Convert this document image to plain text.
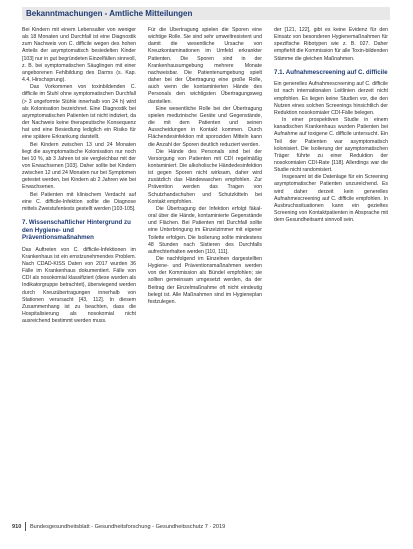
Bekanntmachungen - Amtliche Mitteilungen

Bei Kindern mit einem Lebensalter von weniger als 18 Monaten und Durchfall ist eine Diagnostik zum Nachweis von C. difficile wegen des hohen Anteils der asymptomatisch besiedelten Kinder [103] nur in gut begründeten Einzelfällen sinnvoll, z. B. bei symptomatischen Säuglingen mit einer angeborenen Fehlbildung des Darms (s. Kap. 4.4, Hirschsprung).

Das Vorkommen von toxinbildenden C. difficile im Stuhl ohne symptomatischen Durchfall (> 3 ungeformte Stühle innerhalb von 24 h) wird als Kolonisation bezeichnet. Eine Diagnostik bei asymptomatischen Patienten ist nicht indiziert, da der Nachweis keine therapeutische Konsequenz hat und eine Besiedlung lediglich ein Risiko für eine spätere Erkrankung darstellt.

Bei Kindern zwischen 13 und 24 Monaten liegt die asymptomatische Kolonisation nur noch bei 10 %, ab 3 Jahren ist sie vergleichbar mit der von Erwachsenen [103]. Daher sollte bei Kindern zwischen 12 und 24 Monaten nur bei Symptomen getestet werden, bei Kindern ab 2 Jahren wie bei Erwachsenen.

Bei Patienten mit klinischem Verdacht auf eine C. difficile-Infektion sollte die Diagnose mittels Zweistufentests gestellt werden [103-105].

7. Wissenschaftlicher Hintergrund zu den Hygiene- und Präventionsmaßnahmen

Das Auftreten von C. difficile-Infektionen im Krankenhaus ist ein ernstzunehmendes Problem. Nach CDAD-KISS Daten von 2017 wurden 36 Fälle im Krankenhaus dokumentiert. Fälle von CDI als nosokomial klassifiziert (diese wurden als Indikatorgruppe betrachtet), überwiegend werden durch Kreuzübertragungen innerhalb von Stationen verursacht [43, 112]. In diesem Zusammenhang ist zu beachten, dass die Hospitalisierung als nosokomial nicht ausreichend bestimmt werden muss.

Für die Übertragung spielen die Sporen eine wichtige Rolle. Sie sind sehr umweltresistent und damit die wesentliche Ursache von Kreuzkontaminationen im Umfeld erkrankter Patienten. Die Sporen sind in der Krankenhausumgebung mehrere Monate nachweisbar. Die Patientenumgebung spielt daher bei der Übertragung eine große Rolle, auch wenn die kontaminierten Hände des Personals den wichtigsten Übertragungsweg darstellen.

Eine wesentliche Rolle bei der Übertragung spielen medizinische Geräte und Gegenstände, die mit dem Patienten und seinen Ausscheidungen in Kontakt kommen. Durch Flächendesinfektion mit sporoziden Mitteln kann die Anzahl der Sporen deutlich reduziert werden.

Die Hände des Personals sind bei der Versorgung von Patienten mit CDI regelmäßig kontaminiert. Die alkoholische Händedesinfektion ist gegen Sporen nicht wirksam, daher wird zusätzlich das Händewaschen empfohlen. Zur Prävention werden das Tragen von Schutzhandschuhen und Schutzkitteln bei Kontakt empfohlen.

Die Übertragung der Infektion erfolgt fäkal-oral über die Hände, kontaminierte Gegenstände und Flächen. Bei Patienten mit Durchfall sollte eine Unterbringung im Einzelzimmer mit eigener Toilette erfolgen. Die Isolierung sollte mindestens 48 Stunden nach Sistieren des Durchfalls aufrechterhalten werden [110, 111].

Die nachfolgend im Einzelnen dargestellten Hygiene- und Präventionsmaßnahmen werden von der Kommission als Bündel empfohlen; sie sollten gemeinsam umgesetzt werden, da der Beitrag der Einzelmaßnahme oft nicht eindeutig belegt ist. Alle Maßnahmen sind im Hygieneplan festzulegen.

der [121, 122], gibt es keine Evidenz für den Einsatz von besonderen Hygienemaßnahmen für spezifische Ribotypen wie z. B. 027. Daher empfiehlt die Kommission für alle Toxin-bildenden Stämme die gleichen Maßnahmen.

7.1. Aufnahmescreening auf C. difficile

Ein generelles Aufnahmescreening auf C. difficile ist nach internationalen Leitlinien derzeit nicht empfohlen. Es liegen keine Studien vor, die den Nutzen eines solchen Screenings hinsichtlich der Reduktion nosokomialer CDI-Fälle belegen.

In einer prospektiven Studie in einem kanadischen Krankenhaus wurden Patienten bei Aufnahme auf toxigene C. difficile untersucht. Ein Teil der Patienten war asymptomatisch kolonisiert. Die Isolierung der asymptomatischen Träger führte zu einer Reduktion der nosokomialen CDI-Rate [118]. Allerdings war die Studie nicht randomisiert.

Insgesamt ist die Datenlage für ein Screening asymptomatischer Patienten unzureichend. Es wird daher derzeit kein generelles Aufnahmescreening auf C. difficile empfohlen. In Ausbruchssituationen kann ein gezieltes Screening von Kontaktpatienten in Absprache mit dem Gesundheitsamt sinnvoll sein.

910 Bundesgesundheitsblatt - Gesundheitsforschung - Gesundheitsschutz 7 · 2019
